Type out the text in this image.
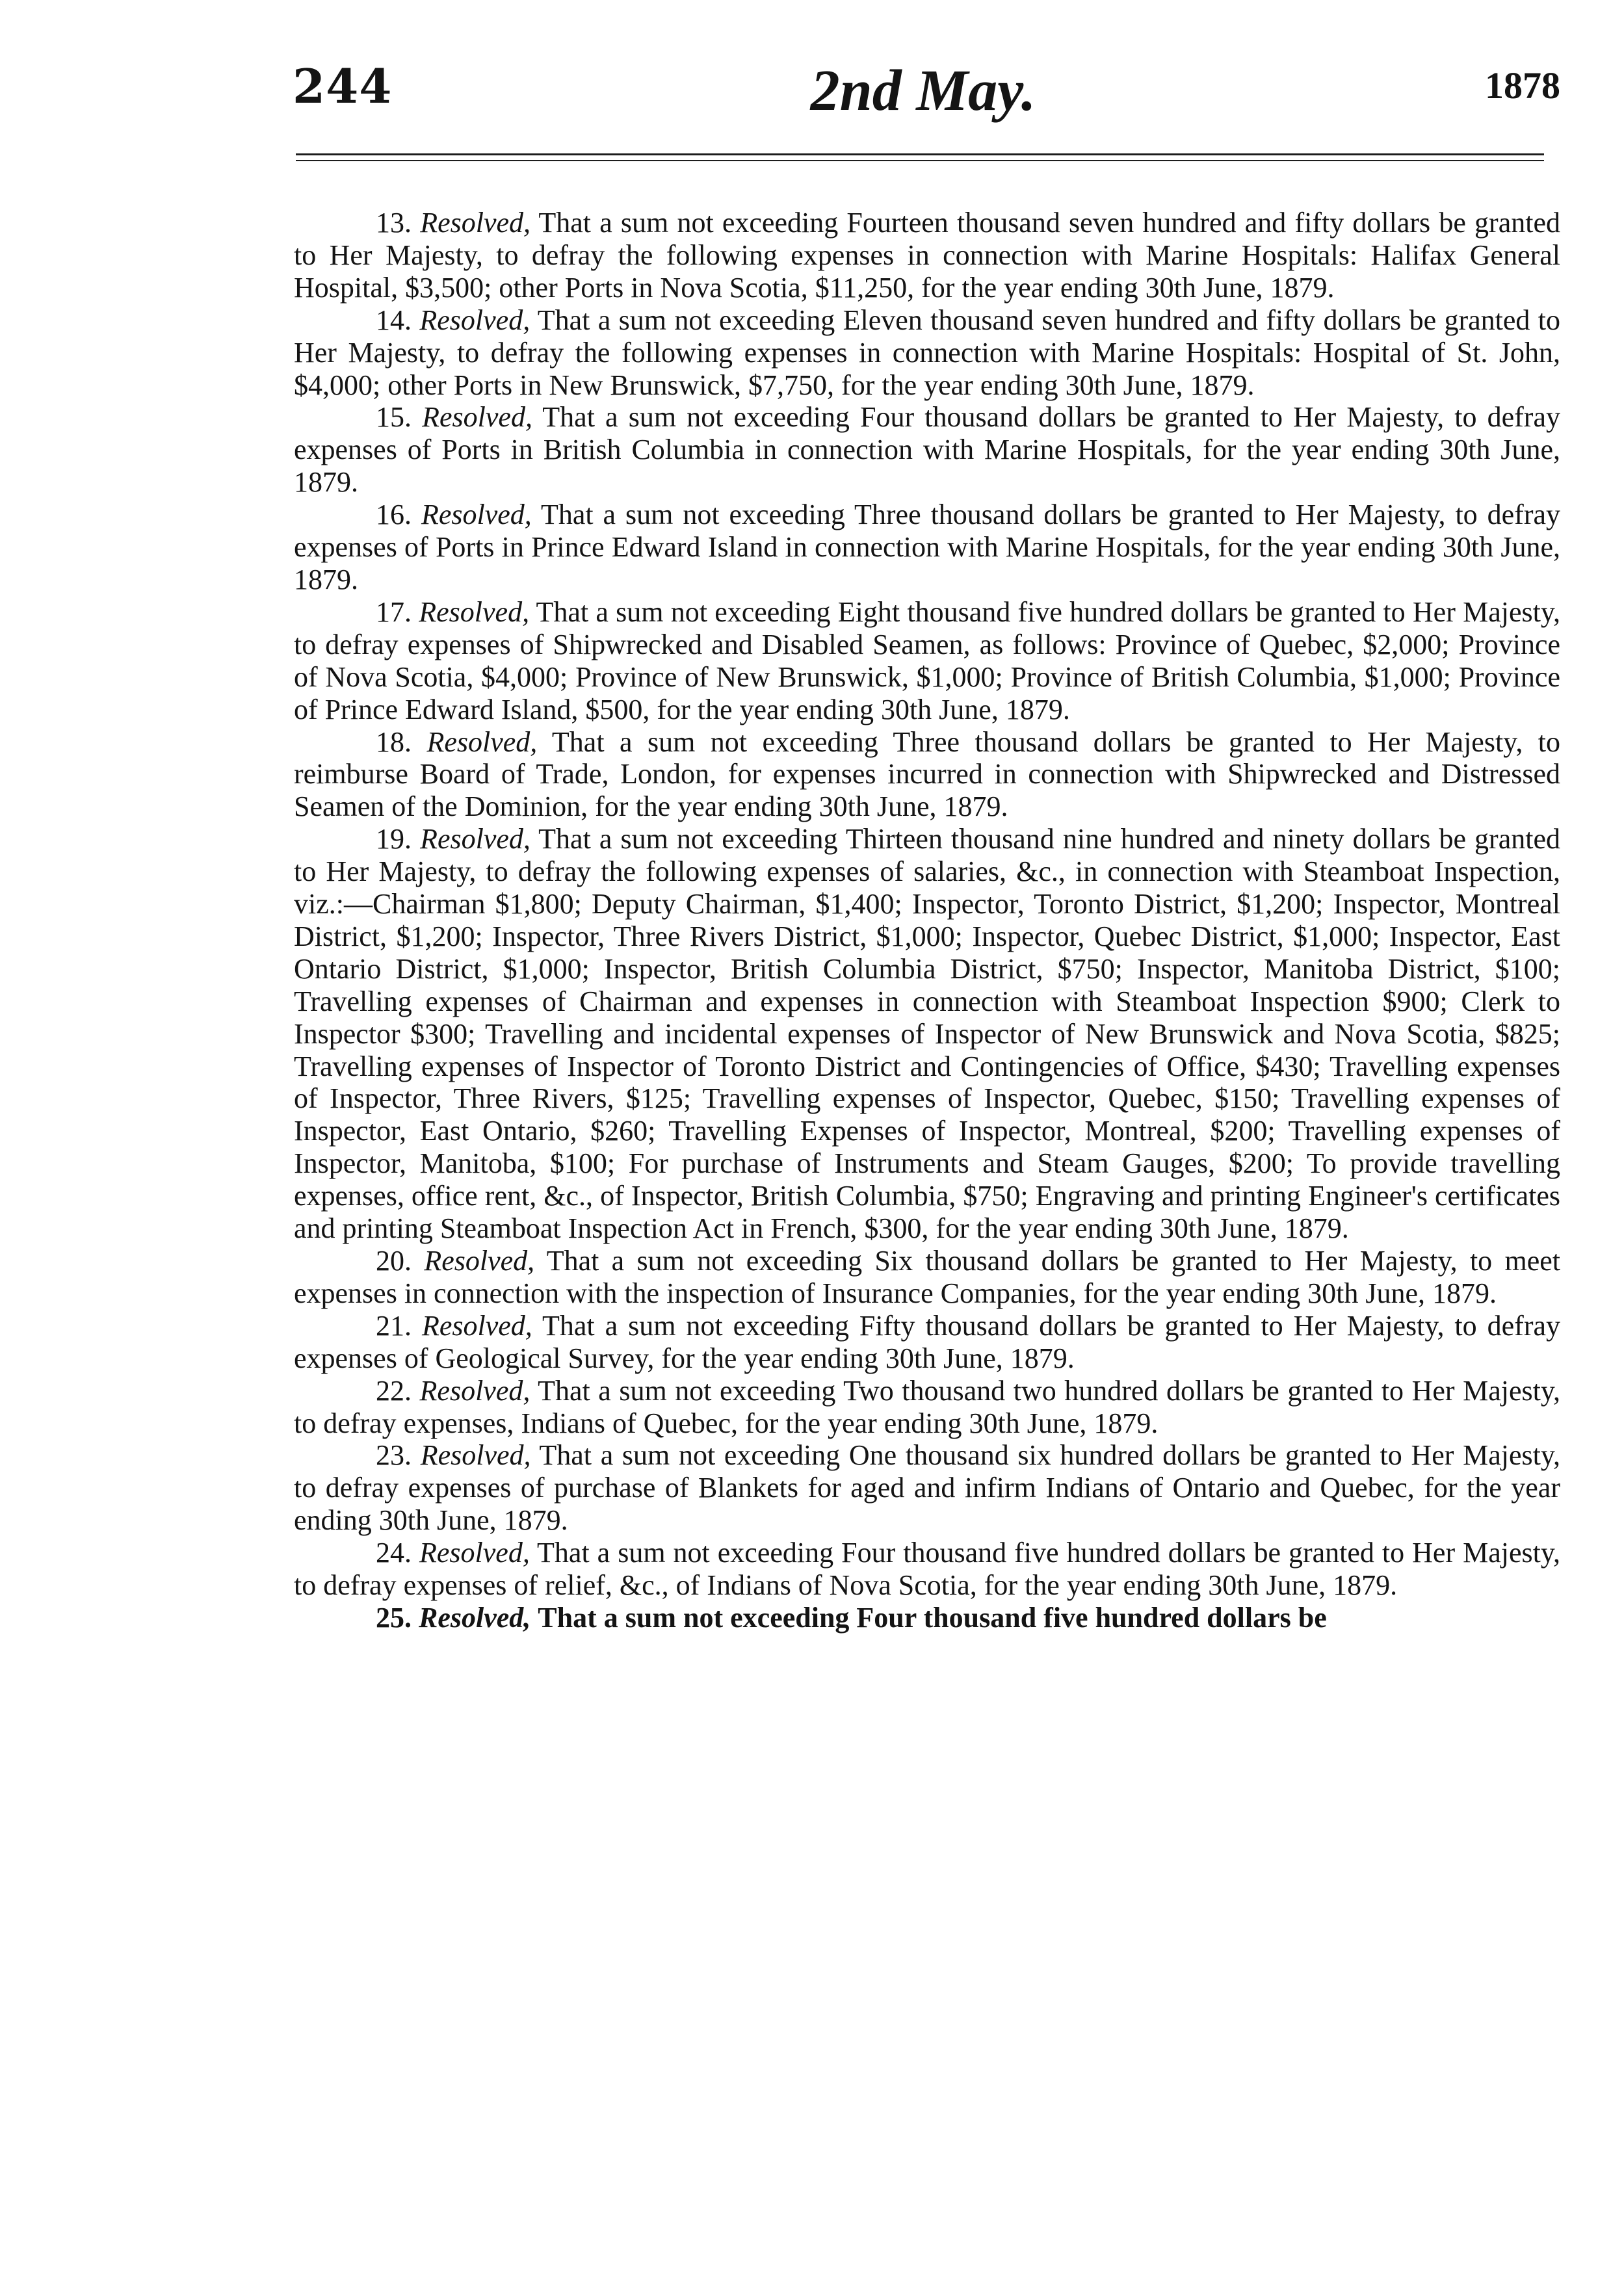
244	2nd May.	1878

13. Resolved, That a sum not exceeding Fourteen thousand seven hundred and fifty dollars be granted to Her Majesty, to defray the following expenses in connection with Marine Hospitals: Halifax General Hospital, $3,500; other Ports in Nova Scotia, $11,250, for the year ending 30th June, 1879.

14. Resolved, That a sum not exceeding Eleven thousand seven hundred and fifty dollars be granted to Her Majesty, to defray the following expenses in connection with Marine Hospitals: Hospital of St. John, $4,000; other Ports in New Brunswick, $7,750, for the year ending 30th June, 1879.

15. Resolved, That a sum not exceeding Four thousand dollars be granted to Her Majesty, to defray expenses of Ports in British Columbia in connection with Marine Hospitals, for the year ending 30th June, 1879.

16. Resolved, That a sum not exceeding Three thousand dollars be granted to Her Majesty, to defray expenses of Ports in Prince Edward Island in connection with Marine Hospitals, for the year ending 30th June, 1879.

17. Resolved, That a sum not exceeding Eight thousand five hundred dollars be granted to Her Majesty, to defray expenses of Shipwrecked and Disabled Seamen, as follows: Province of Quebec, $2,000; Province of Nova Scotia, $4,000; Province of New Brunswick, $1,000; Province of British Columbia, $1,000; Province of Prince Edward Island, $500, for the year ending 30th June, 1879.

18. Resolved, That a sum not exceeding Three thousand dollars be granted to Her Majesty, to reimburse Board of Trade, London, for expenses incurred in connection with Shipwrecked and Distressed Seamen of the Dominion, for the year ending 30th June, 1879.

19. Resolved, That a sum not exceeding Thirteen thousand nine hundred and ninety dollars be granted to Her Majesty, to defray the following expenses of salaries, &c., in connection with Steamboat Inspection, viz.:—Chairman $1,800; Deputy Chairman, $1,400; Inspector, Toronto District, $1,200; Inspector, Montreal District, $1,200; Inspector, Three Rivers District, $1,000; Inspector, Quebec District, $1,000; Inspector, East Ontario District, $1,000; Inspector, British Columbia District, $750; Inspector, Manitoba District, $100; Travelling expenses of Chairman and expenses in connection with Steamboat Inspection $900; Clerk to Inspector $300; Travelling and incidental expenses of Inspector of New Brunswick and Nova Scotia, $825; Travelling expenses of Inspector of Toronto District and Contingencies of Office, $430; Travelling expenses of Inspector, Three Rivers, $125; Travelling expenses of Inspector, Quebec, $150; Travelling expenses of Inspector, East Ontario, $260; Travelling Expenses of Inspector, Montreal, $200; Travelling expenses of Inspector, Manitoba, $100; For purchase of Instruments and Steam Gauges, $200; To provide travelling expenses, office rent, &c., of Inspector, British Columbia, $750; Engraving and printing Engineer's certificates and printing Steamboat Inspection Act in French, $300, for the year ending 30th June, 1879.

20. Resolved, That a sum not exceeding Six thousand dollars be granted to Her Majesty, to meet expenses in connection with the inspection of Insurance Companies, for the year ending 30th June, 1879.

21. Resolved, That a sum not exceeding Fifty thousand dollars be granted to Her Majesty, to defray expenses of Geological Survey, for the year ending 30th June, 1879.

22. Resolved, That a sum not exceeding Two thousand two hundred dollars be granted to Her Majesty, to defray expenses, Indians of Quebec, for the year ending 30th June, 1879.

23. Resolved, That a sum not exceeding One thousand six hundred dollars be granted to Her Majesty, to defray expenses of purchase of Blankets for aged and infirm Indians of Ontario and Quebec, for the year ending 30th June, 1879.

24. Resolved, That a sum not exceeding Four thousand five hundred dollars be granted to Her Majesty, to defray expenses of relief, &c., of Indians of Nova Scotia, for the year ending 30th June, 1879.

25. Resolved, That a sum not exceeding Four thousand five hundred dollars be
